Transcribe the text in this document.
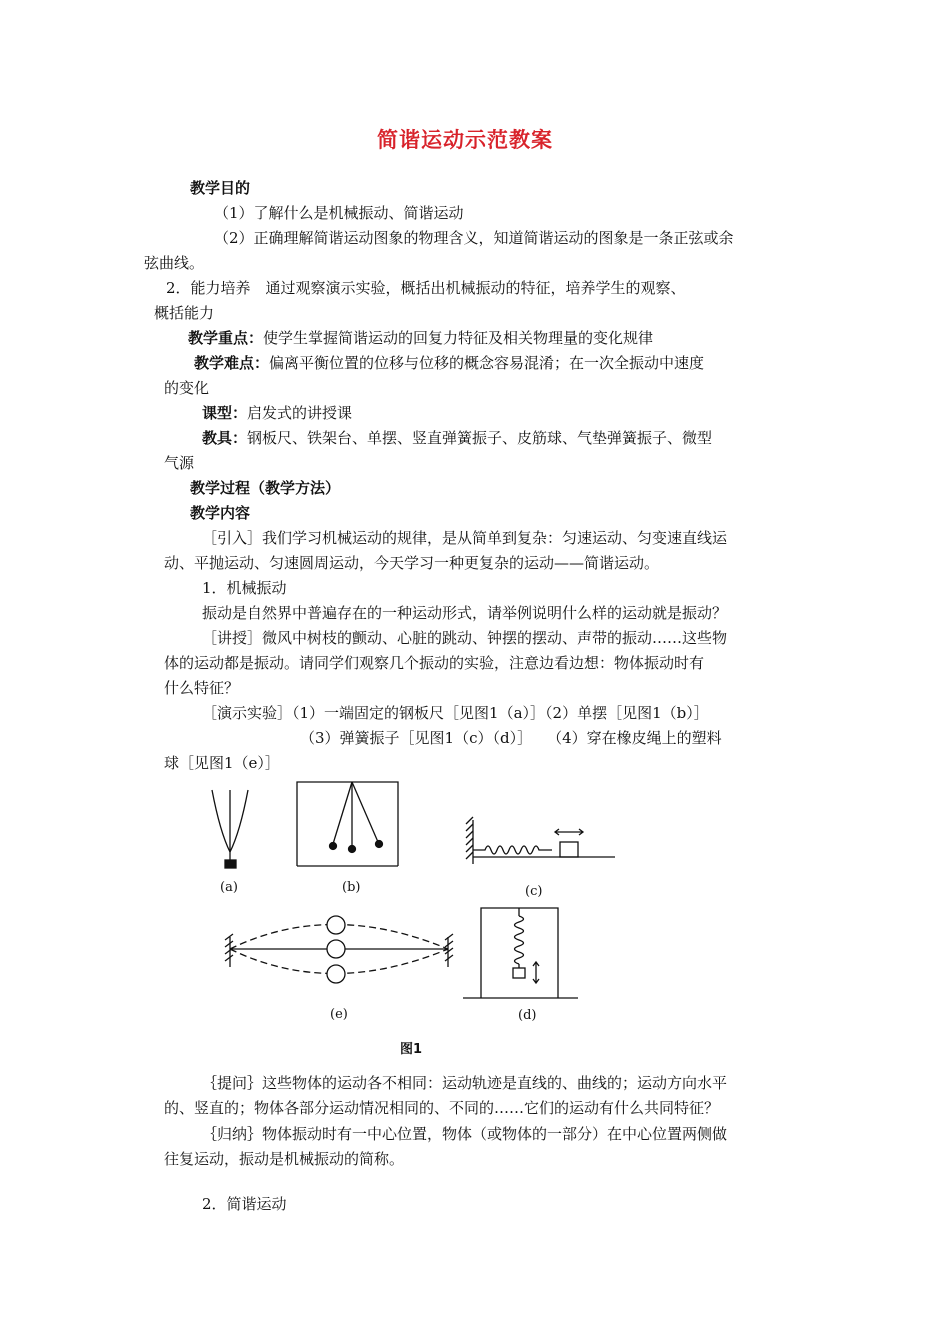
简谐运动示范教案
教学目的
（1）了解什么是机械振动、简谐运动
（2）正确理解简谐运动图象的物理含义，知道简谐运动的图象是一条正弦或余
弦曲线。
2．能力培养　通过观察演示实验，概括出机械振动的特征，培养学生的观察、
概括能力
教学重点：使学生掌握简谐运动的回复力特征及相关物理量的变化规律
教学难点：偏离平衡位置的位移与位移的概念容易混淆；在一次全振动中速度
的变化
课型：启发式的讲授课
教具：钢板尺、铁架台、单摆、竖直弹簧振子、皮筋球、气垫弹簧振子、微型
气源
教学过程（教学方法）
教学内容
［引入］我们学习机械运动的规律，是从简单到复杂：匀速运动、匀变速直线运
动、平抛运动、匀速圆周运动，今天学习一种更复杂的运动——简谐运动。
1．机械振动
振动是自然界中普遍存在的一种运动形式，请举例说明什么样的运动就是振动？
［讲授］微风中树枝的颤动、心脏的跳动、钟摆的摆动、声带的振动……这些物
体的运动都是振动。请同学们观察几个振动的实验，注意边看边想：物体振动时有
什么特征？
［演示实验］（1）一端固定的钢板尺［见图1（a）］（2）单摆［见图1（b）］
（3）弹簧振子［见图1（c）（d）］　　（4）穿在橡皮绳上的塑料
球［见图1（e）］
(a)	(b)	(c)
(e)	(d)
图1
｛提问｝这些物体的运动各不相同：运动轨迹是直线的、曲线的；运动方向水平
的、竖直的；物体各部分运动情况相同的、不同的……它们的运动有什么共同特征？
｛归纳｝物体振动时有一中心位置，物体（或物体的一部分）在中心位置两侧做
往复运动，振动是机械振动的简称。
2．简谐运动
